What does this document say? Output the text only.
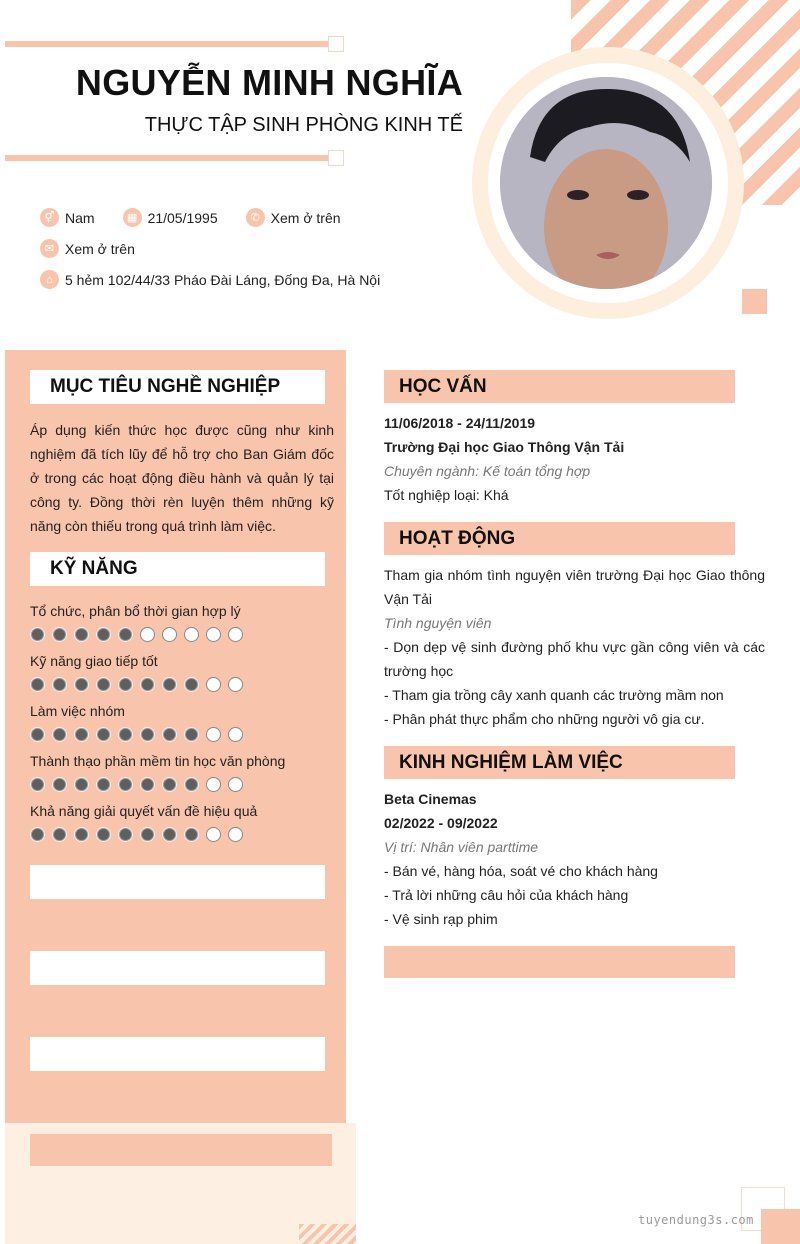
NGUYỄN MINH NGHĨA
THỰC TẬP SINH PHÒNG KINH TẾ
⚥ Nam	▦ 21/05/1995	✆ Xem ở trên
✉ Xem ở trên
⌂ 5 hẻm 102/44/33 Pháo Đài Láng, Đống Đa, Hà Nội
MỤC TIÊU NGHỀ NGHIỆP
Áp dụng kiến thức học được cũng như kinh nghiệm đã tích lũy để hỗ trợ cho Ban Giám đốc ở trong các hoạt động điều hành và quản lý tại công ty. Đồng thời rèn luyện thêm những kỹ năng còn thiếu trong quá trình làm việc.
KỸ NĂNG
Tổ chức, phân bổ thời gian hợp lý
Kỹ năng giao tiếp tốt
Làm việc nhóm
Thành thạo phần mềm tin học văn phòng
Khả năng giải quyết vấn đề hiệu quả
HỌC VẤN
11/06/2018 - 24/11/2019
Trường Đại học Giao Thông Vận Tải
Chuyên ngành: Kế toán tổng hợp
Tốt nghiệp loại: Khá
HOẠT ĐỘNG
Tham gia nhóm tình nguyện viên trường Đại học Giao thông Vận Tải
Tình nguyện viên
- Dọn dẹp vệ sinh đường phố khu vực gần công viên và các trường học
- Tham gia trồng cây xanh quanh các trường mầm non
- Phân phát thực phẩm cho những người vô gia cư.
KINH NGHIỆM LÀM VIỆC
Beta Cinemas
02/2022 - 09/2022
Vị trí: Nhân viên parttime
- Bán vé, hàng hóa, soát vé cho khách hàng
- Trả lời những câu hỏi của khách hàng
- Vệ sinh rạp phim
tuyendung3s.com
